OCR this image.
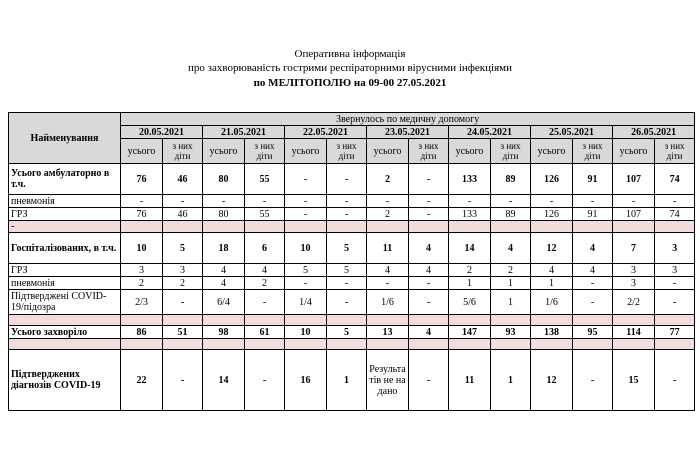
Оперативна інформація
про захворюваність гострими респіраторними вірусними інфекціями
по МЕЛІТОПОЛЮ на 09-00 27.05.2021
Найменування	Звернулось по медичну допомогу													
	20.05.2021		21.05.2021		22.05.2021		23.05.2021		24.05.2021		25.05.2021		26.05.2021	
	усього	з них діти	усього	з них діти	усього	з них діти	усього	з них діти	усього	з них діти	усього	з них діти	усього	з них діти
Усього амбулаторно в т.ч.	76	46	80	55	-	-	2	-	133	89	126	91	107	74
пневмонія	-	-	-	-	-	-	-	-	-	-	-	-	-	-
ГРЗ	76	46	80	55	-	-	2	-	133	89	126	91	107	74
-														
Госпіталізованих, в т.ч.	10	5	18	6	10	5	11	4	14	4	12	4	7	3
ГРЗ	3	3	4	4	5	5	4	4	2	2	4	4	3	3
пневмонія	2	2	4	2	-	-	-	-	1	1	1	-	3	-
Підтверджені COVID-19/підозра	2/3	-	6/4	-	1/4	-	1/6	-	5/6	1	1/6	-	2/2	-

Усього захворіло	86	51	98	61	10	5	13	4	147	93	138	95	114	77

Підтверджених діагнозів COVID-19	22	-	14	-	16	1	Результатів не надано	-	11	1	12	-	15	-
